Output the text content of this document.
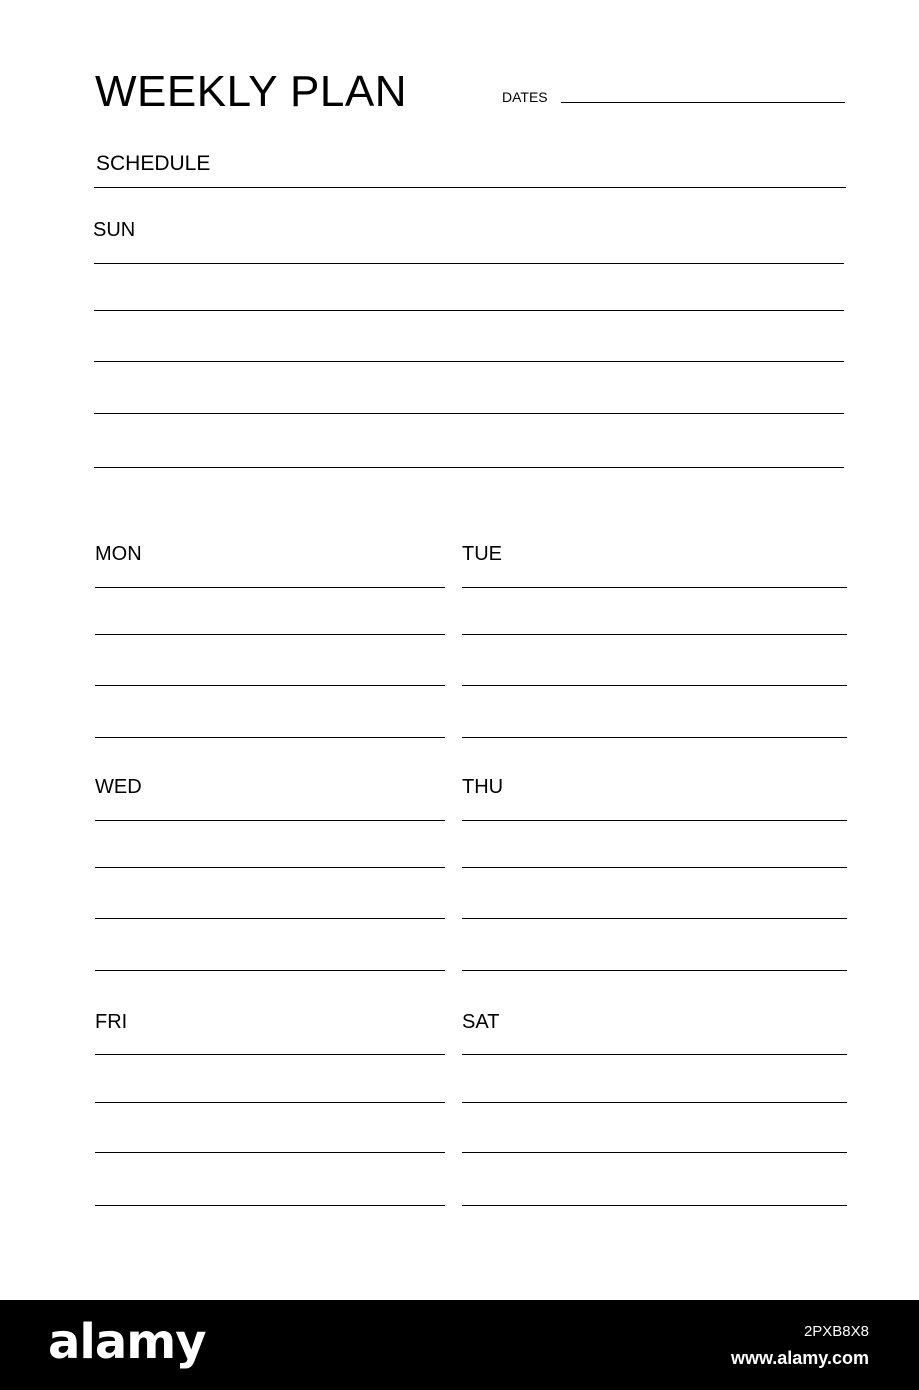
WEEKLY PLAN	DATES
SCHEDULE
SUN
MON	TUE
WED	THU
FRI	SAT
alamy	2PXB8X8
www.alamy.com
